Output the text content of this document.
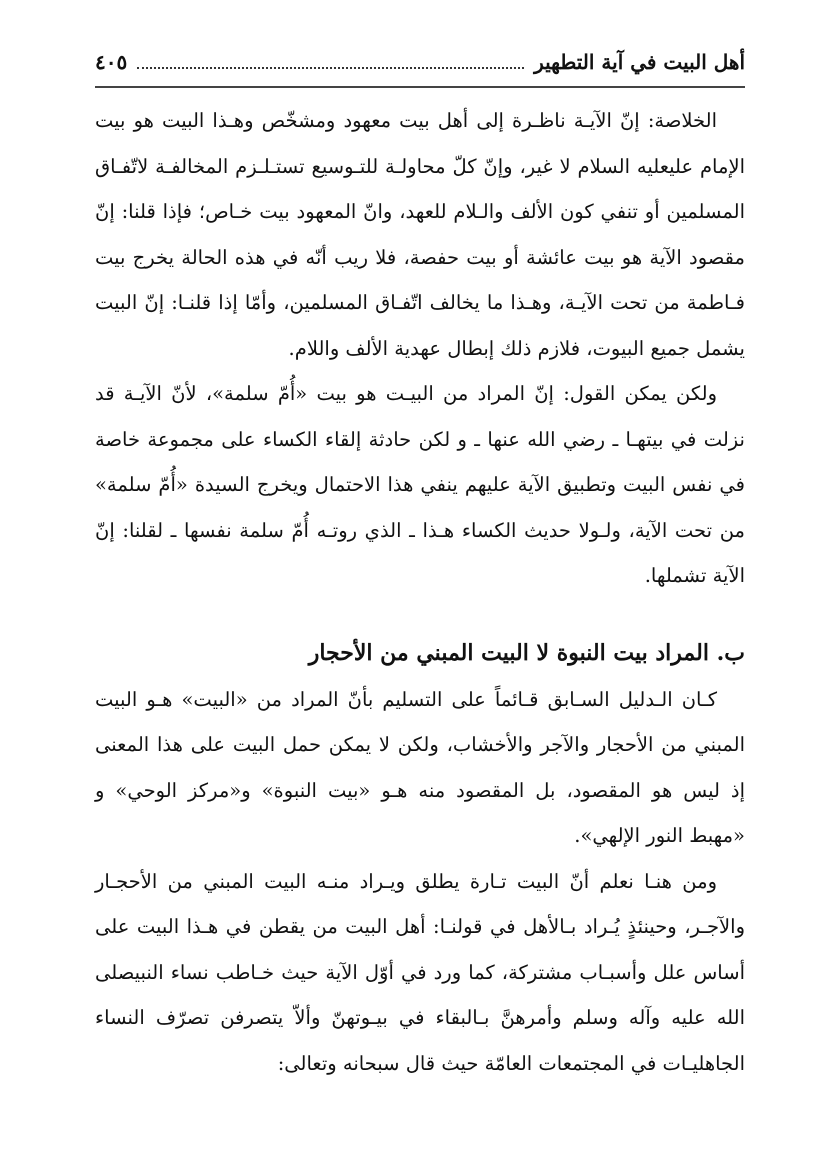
أهل البيت في آية التطهير
٤٠٥

الخلاصة: إنّ الآيـة ناظـرة إلى أهل بيت معهود ومشخّص وهـذا البيت هو بيت الإمام عليعليه السلام لا غير، وإنّ كلّ محاولـة للتـوسيع تستـلـزم المخالفـة لاتّفـاق المسلمين أو تنفي كون الألف والـلام للعهد، وانّ المعهود بيت خـاص؛ فإذا قلنا: إنّ مقصود الآية هو بيت عائشة أو بيت حفصة، فلا ريب أنّه في هذه الحالة يخرج بيت فـاطمة من تحت الآيـة، وهـذا ما يخالف اتّفـاق المسلمين، وأمّا إذا قلنـا: إنّ البيت يشمل جميع البيوت، فلازم ذلك إبطال عهدية الألف واللام.

ولكن يمكن القول: إنّ المراد من البيـت هو بيت «أُمّ سلمة»، لأنّ الآيـة قد نزلت في بيتهـا ـ رضي الله عنها ـ و لكن حادثة إلقاء الكساء على مجموعة خاصة في نفس البيت وتطبيق الآية عليهم ينفي هذا الاحتمال ويخرج السيدة «أُمّ سلمة» من تحت الآية، ولـولا حديث الكساء هـذا ـ الذي روتـه أُمّ سلمة نفسها ـ لقلنا: إنّ الآية تشملها.

ب. المراد بيت النبوة لا البيت المبني من الأحجار

كـان الـدليل السـابق قـائماً على التسليم بأنّ المراد من «البيت» هـو البيت المبني من الأحجار والآجر والأخشاب، ولكن لا يمكن حمل البيت على هذا المعنى إذ ليس هو المقصود، بل المقصود منه هـو «بيت النبوة» و«مركز الوحي» و «مهبط النور الإلهي».

ومن هنـا نعلم أنّ البيت تـارة يطلق ويـراد منـه البيت المبني من الأحجـار والآجـر، وحينئذٍ يُـراد بـالأهل في قولنـا: أهل البيت من يقطن في هـذا البيت على أساس علل وأسبـاب مشتركة، كما ورد في أوّل الآية حيث خـاطب نساء النبيصلى الله عليه وآله وسلم وأمرهنَّ بـالبقاء في بيـوتهنّ وألاّ يتصرفن تصرّف النساء الجاهليـات في المجتمعات العامّة حيث قال سبحانه وتعالى:
